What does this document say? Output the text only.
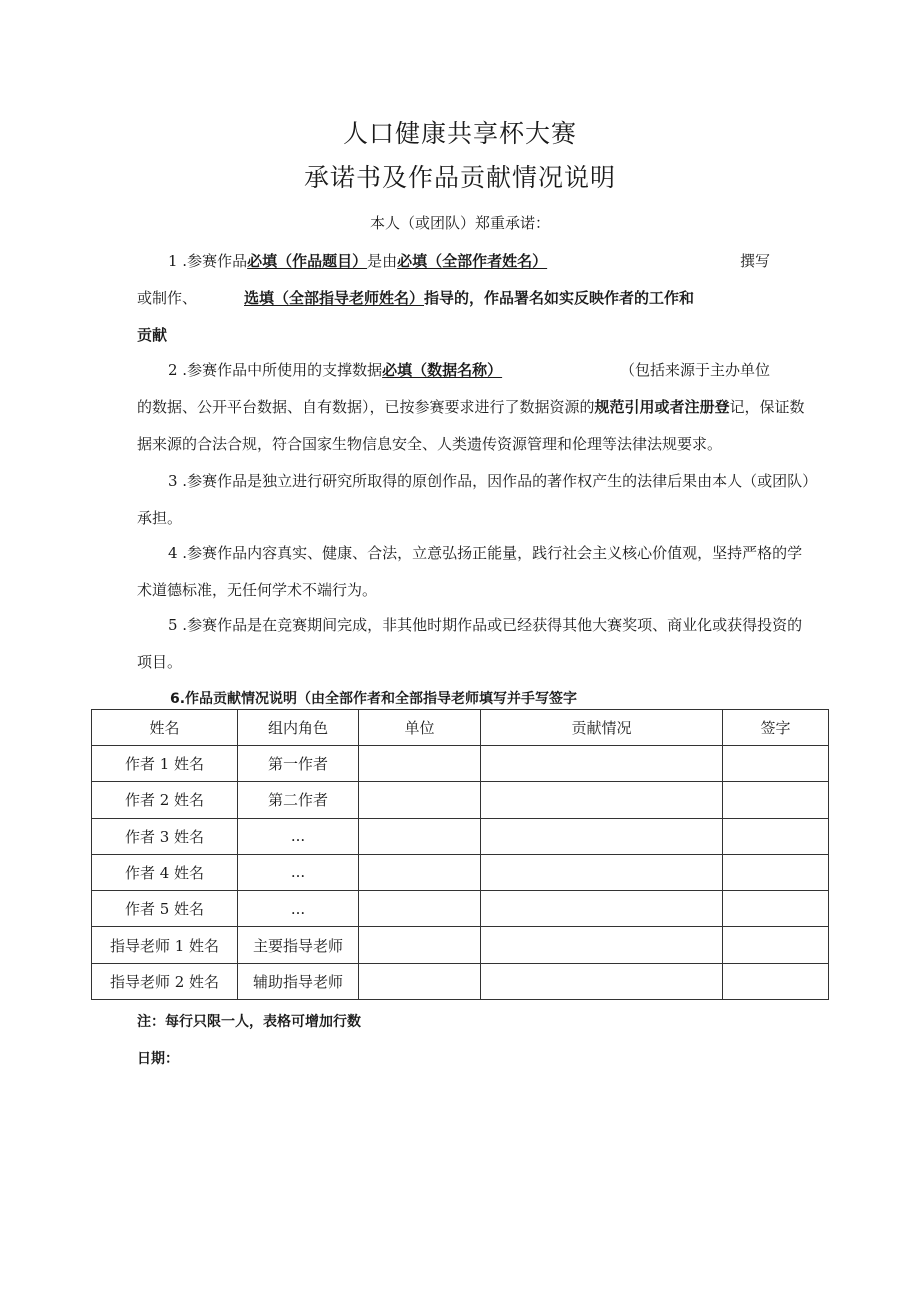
人口健康共享杯大赛
承诺书及作品贡献情况说明
本人（或团队）郑重承诺：
1 .参赛作品必填（作品题目）是由必填（全部作者姓名）	撰写
或制作、	选填（全部指导老师姓名）指导的，作品署名如实反映作者的工作和
贡献
2 .参赛作品中所使用的支撑数据必填（数据名称）	（包括来源于主办单位
的数据、公开平台数据、自有数据），已按参赛要求进行了数据资源的规范引用或者注册登记，保证数
据来源的合法合规，符合国家生物信息安全、人类遗传资源管理和伦理等法律法规要求。
3 .参赛作品是独立进行研究所取得的原创作品，因作品的著作权产生的法律后果由本人（或团队）
承担。
4 .参赛作品内容真实、健康、合法，立意弘扬正能量，践行社会主义核心价值观，坚持严格的学
术道德标准，无任何学术不端行为。
5 .参赛作品是在竞赛期间完成，非其他时期作品或已经获得其他大赛奖项、商业化或获得投资的
项目。
6.作品贡献情况说明（由全部作者和全部指导老师填写并手写签字
姓名	组内角色	单位	贡献情况	签字
作者 1 姓名	第一作者			
作者 2 姓名	第二作者			
作者 3 姓名	...			
作者 4 姓名	...			
作者 5 姓名	...			
指导老师 1 姓名	主要指导老师			
指导老师 2 姓名	辅助指导老师			
注：每行只限一人，表格可增加行数
日期：
